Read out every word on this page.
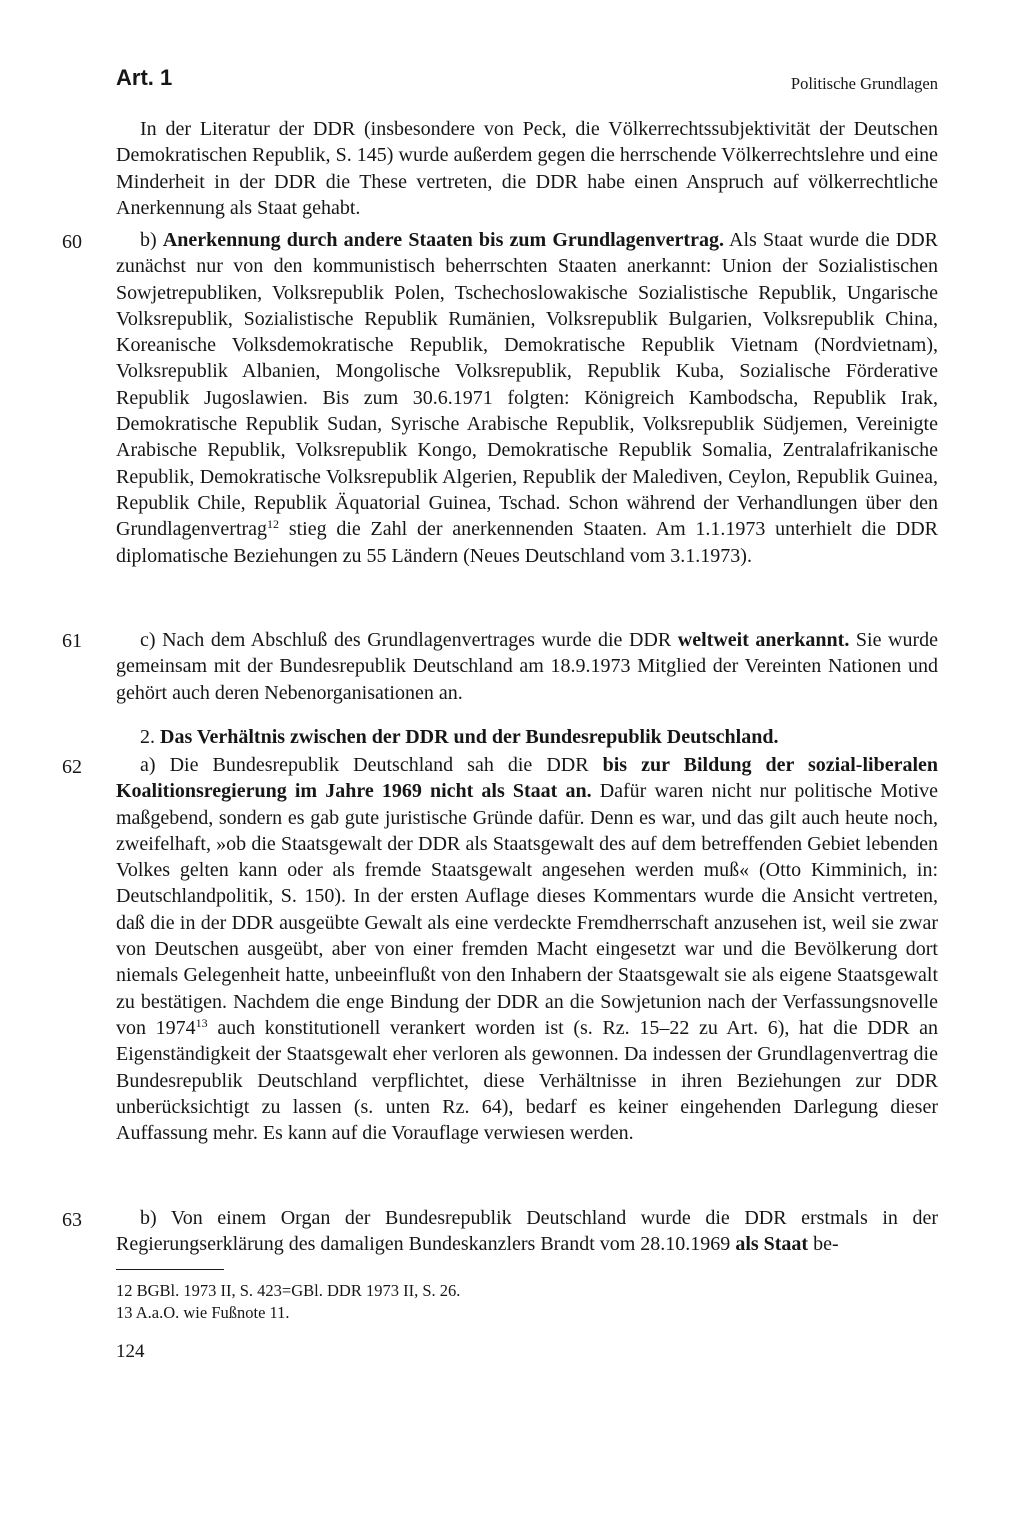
Art. 1	Politische Grundlagen
60
61
62
63

In der Literatur der DDR (insbesondere von Peck, die Völkerrechtssubjektivität der Deutschen Demokratischen Republik, S. 145) wurde außerdem gegen die herrschende Völkerrechtslehre und eine Minderheit in der DDR die These vertreten, die DDR habe einen Anspruch auf völkerrechtliche Anerkennung als Staat gehabt.

b) Anerkennung durch andere Staaten bis zum Grundlagenvertrag. Als Staat wurde die DDR zunächst nur von den kommunistisch beherrschten Staaten anerkannt: Union der Sozialistischen Sowjetrepubliken, Volksrepublik Polen, Tschechoslowakische Sozialistische Republik, Ungarische Volksrepublik, Sozialistische Republik Rumänien, Volksrepublik Bulgarien, Volksrepublik China, Koreanische Volksdemokratische Republik, Demokratische Republik Vietnam (Nordvietnam), Volksrepublik Albanien, Mongolische Volksrepublik, Republik Kuba, Sozialische Förderative Republik Jugoslawien. Bis zum 30.6.1971 folgten: Königreich Kambodscha, Republik Irak, Demokratische Republik Sudan, Syrische Arabische Republik, Volksrepublik Südjemen, Vereinigte Arabische Republik, Volksrepublik Kongo, Demokratische Republik Somalia, Zentralafrikanische Republik, Demokratische Volksrepublik Algerien, Republik der Malediven, Ceylon, Republik Guinea, Republik Chile, Republik Äquatorial Guinea, Tschad. Schon während der Verhandlungen über den Grundlagenvertrag$^{12}$ stieg die Zahl der anerkennenden Staaten. Am 1.1.1973 unterhielt die DDR diplomatische Beziehungen zu 55 Ländern (Neues Deutschland vom 3.1.1973).

c) Nach dem Abschluß des Grundlagenvertrages wurde die DDR weltweit anerkannt. Sie wurde gemeinsam mit der Bundesrepublik Deutschland am 18.9.1973 Mitglied der Vereinten Nationen und gehört auch deren Nebenorganisationen an.

2. Das Verhältnis zwischen der DDR und der Bundesrepublik Deutschland.

a) Die Bundesrepublik Deutschland sah die DDR bis zur Bildung der sozial-liberalen Koalitionsregierung im Jahre 1969 nicht als Staat an. Dafür waren nicht nur politische Motive maßgebend, sondern es gab gute juristische Gründe dafür. Denn es war, und das gilt auch heute noch, zweifelhaft, »ob die Staatsgewalt der DDR als Staatsgewalt des auf dem betreffenden Gebiet lebenden Volkes gelten kann oder als fremde Staatsgewalt angesehen werden muß« (Otto Kimminich, in: Deutschlandpolitik, S. 150). In der ersten Auflage dieses Kommentars wurde die Ansicht vertreten, daß die in der DDR ausgeübte Gewalt als eine verdeckte Fremdherrschaft anzusehen ist, weil sie zwar von Deutschen ausgeübt, aber von einer fremden Macht eingesetzt war und die Bevölkerung dort niemals Gelegenheit hatte, unbeeinflußt von den Inhabern der Staatsgewalt sie als eigene Staatsgewalt zu bestätigen. Nachdem die enge Bindung der DDR an die Sowjetunion nach der Verfassungsnovelle von 1974$^{13}$ auch konstitutionell verankert worden ist (s. Rz. 15–22 zu Art. 6), hat die DDR an Eigenständigkeit der Staatsgewalt eher verloren als gewonnen. Da indessen der Grundlagenvertrag die Bundesrepublik Deutschland verpflichtet, diese Verhältnisse in ihren Beziehungen zur DDR unberücksichtigt zu lassen (s. unten Rz. 64), bedarf es keiner eingehenden Darlegung dieser Auffassung mehr. Es kann auf die Vorauflage verwiesen werden.

b) Von einem Organ der Bundesrepublik Deutschland wurde die DDR erstmals in der Regierungserklärung des damaligen Bundeskanzlers Brandt vom 28.10.1969 als Staat be-

12 BGBl. 1973 II, S. 423=GBl. DDR 1973 II, S. 26.
13 A.a.O. wie Fußnote 11.
124
